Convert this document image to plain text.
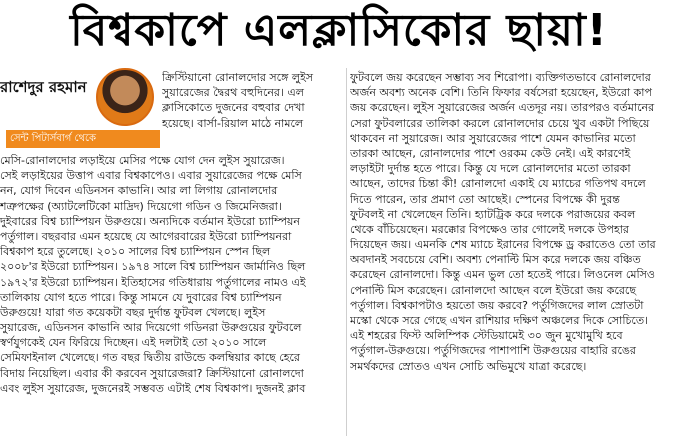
বিশ্বকাপে এলক্লাসিকোর ছায়া!
রাশেদুর রহমান
সেন্ট পিটার্সবার্গ থেকে
ক্রিস্টিয়ানো রোনালদোর সঙ্গে লুইস
সুয়ারেজের দ্বৈরথ বহুদিনের। এল
ক্লাসিকোতে দুজনের বহুবার দেখা
হয়েছে। বার্সা-রিয়াল মাঠে নামলে
মেসি-রোনালদোর লড়াইয়ে মেসির পক্ষে যোগ দেন লুইস সুয়ারেজ।
সেই লড়াইয়ের উত্তাপ এবার বিশ্বকাপেও। এবার সুয়ারেজের পক্ষে মেসি
নন, যোগ দিবেন এডিনসন কাভানি। আর লা লিগায় রোনালদোর
শত্রুপক্ষের (অ্যাটলেটিকো মাদ্রিদ) দিয়েগো গডিন ও জিমেনিজরা।
দুইবারের বিশ্ব চ্যাম্পিয়ন উরুগুয়ে। অন্যদিকে বর্তমান ইউরো চ্যাম্পিয়ন
পর্তুগাল। বছরবার এমন হয়েছে যে আগেরবারের ইউরো চ্যাম্পিয়নরা
বিশ্বকাপ হরে তুলেছে। ২০১০ সালের বিশ্ব চ্যাম্পিয়ন স্পেন ছিল
২০০৮'র ইউরো চ্যাম্পিয়ন। ১৯৭৪ সালে বিশ্ব চ্যাম্পিয়ন জার্মানিও ছিল
১৯৭২'র ইউরো চ্যাম্পিয়ন। ইতিহাসের গতিধারায় পর্তুগালের নামও এই
তালিকায় যোগ হতে পারে। কিন্তু সামনে যে দুবারের বিশ্ব চ্যাম্পিয়ন
উরুগুয়ে! যারা গত কয়েকটা বছর দুর্দান্ত ফুটবল খেলছে। লুইস
সুয়ারেজ, এডিনসন কাভানি আর দিয়েগো গডিনরা উরুগুয়ের ফুটবলে
স্বর্ণযুগকেই যেন ফিরিয়ে দিচ্ছেন। এই দলটাই তো ২০১০ সালে
সেমিফাইনাল খেলেছে। গত বছর দ্বিতীয় রাউন্ডে কলম্বিয়ার কাছে হেরে
বিদায় নিয়েছিল। এবার কী করবেন সুয়ারেজরা? ক্রিস্টিয়ানো রোনালদো
এবং লুইস সুয়ারেজ, দুজনেরই সম্ভবত এটাই শেষ বিশ্বকাপ। দুজনই ক্লাব
ফুটবলে জয় করেছেন সম্ভাব্য সব শিরোপা। ব্যক্তিগতভাবে রোনালদোর
অর্জন অবশ্য অনেক বেশি। তিনি ফিফার বর্ষসেরা হয়েছেন, ইউরো কাপ
জয় করেছেন। লুইস সুয়ারেজের অর্জন এতদূর নয়। তারপরও বর্তমানের
সেরা ফুটবলারের তালিকা করলে রোনালদোর চেয়ে খুব একটা পিছিয়ে
থাকবেন না সুয়ারেজ। আর সুয়ারেজের পাশে যেমন কাভানির মতো
তারকা আছেন, রোনালদোর পাশে ওরকম কেউ নেই। এই কারণেই
লড়াইটা দুর্দান্ত হতে পারে। কিন্তু যে দলে রোনালদোর মতো তারকা
আছেন, তাদের চিন্তা কী! রোনালদো একাই যে ম্যাচের গতিপথ বদলে
দিতে পারেন, তার প্রমাণ তো আছেই। স্পেনের বিপক্ষে কী দুরন্ত
ফুটবলই না খেলেছেন তিনি। হ্যাটট্রিক করে দলকে পরাজয়ের কবল
থেকে বাঁচিয়েছেন। মরক্কোর বিপক্ষেও তার গোলেই দলকে উপহার
দিয়েছেন জয়। এমনকি শেষ ম্যাচে ইরানের বিপক্ষে ড্র করাতেও তো তার
অবদানই সবচেয়ে বেশি। অবশ্য পেনাল্টি মিস করে দলকে জয় বঞ্চিত
করেছেন রোনালদো। কিন্তু এমন ভুল তো হতেই পারে। লিওনেল মেসিও
পেনাল্টি মিস করেছেন। রোনালদো আছেন বলে ইউরো জয় করেছে
পর্তুগাল। বিশ্বকাপটাও হয়তো জয় করবে? পর্তুগিজদের লাল স্রোতটা
মস্কো থেকে সরে গেছে এখন রাশিয়ার দক্ষিণ অঞ্চলের দিকে সোচিতে।
এই শহরের ফিস্ট অলিম্পিক স্টেডিয়ামেই ৩০ জুন মুখোমুখি হবে
পর্তুগাল-উরুগুয়ে। পর্তুগিজদের পাশাপাশি উরুগুয়ের বাহারি রঙের
সমর্থকদের স্রোতও এখন সোচি অভিমুখে যাত্রা করেছে।
